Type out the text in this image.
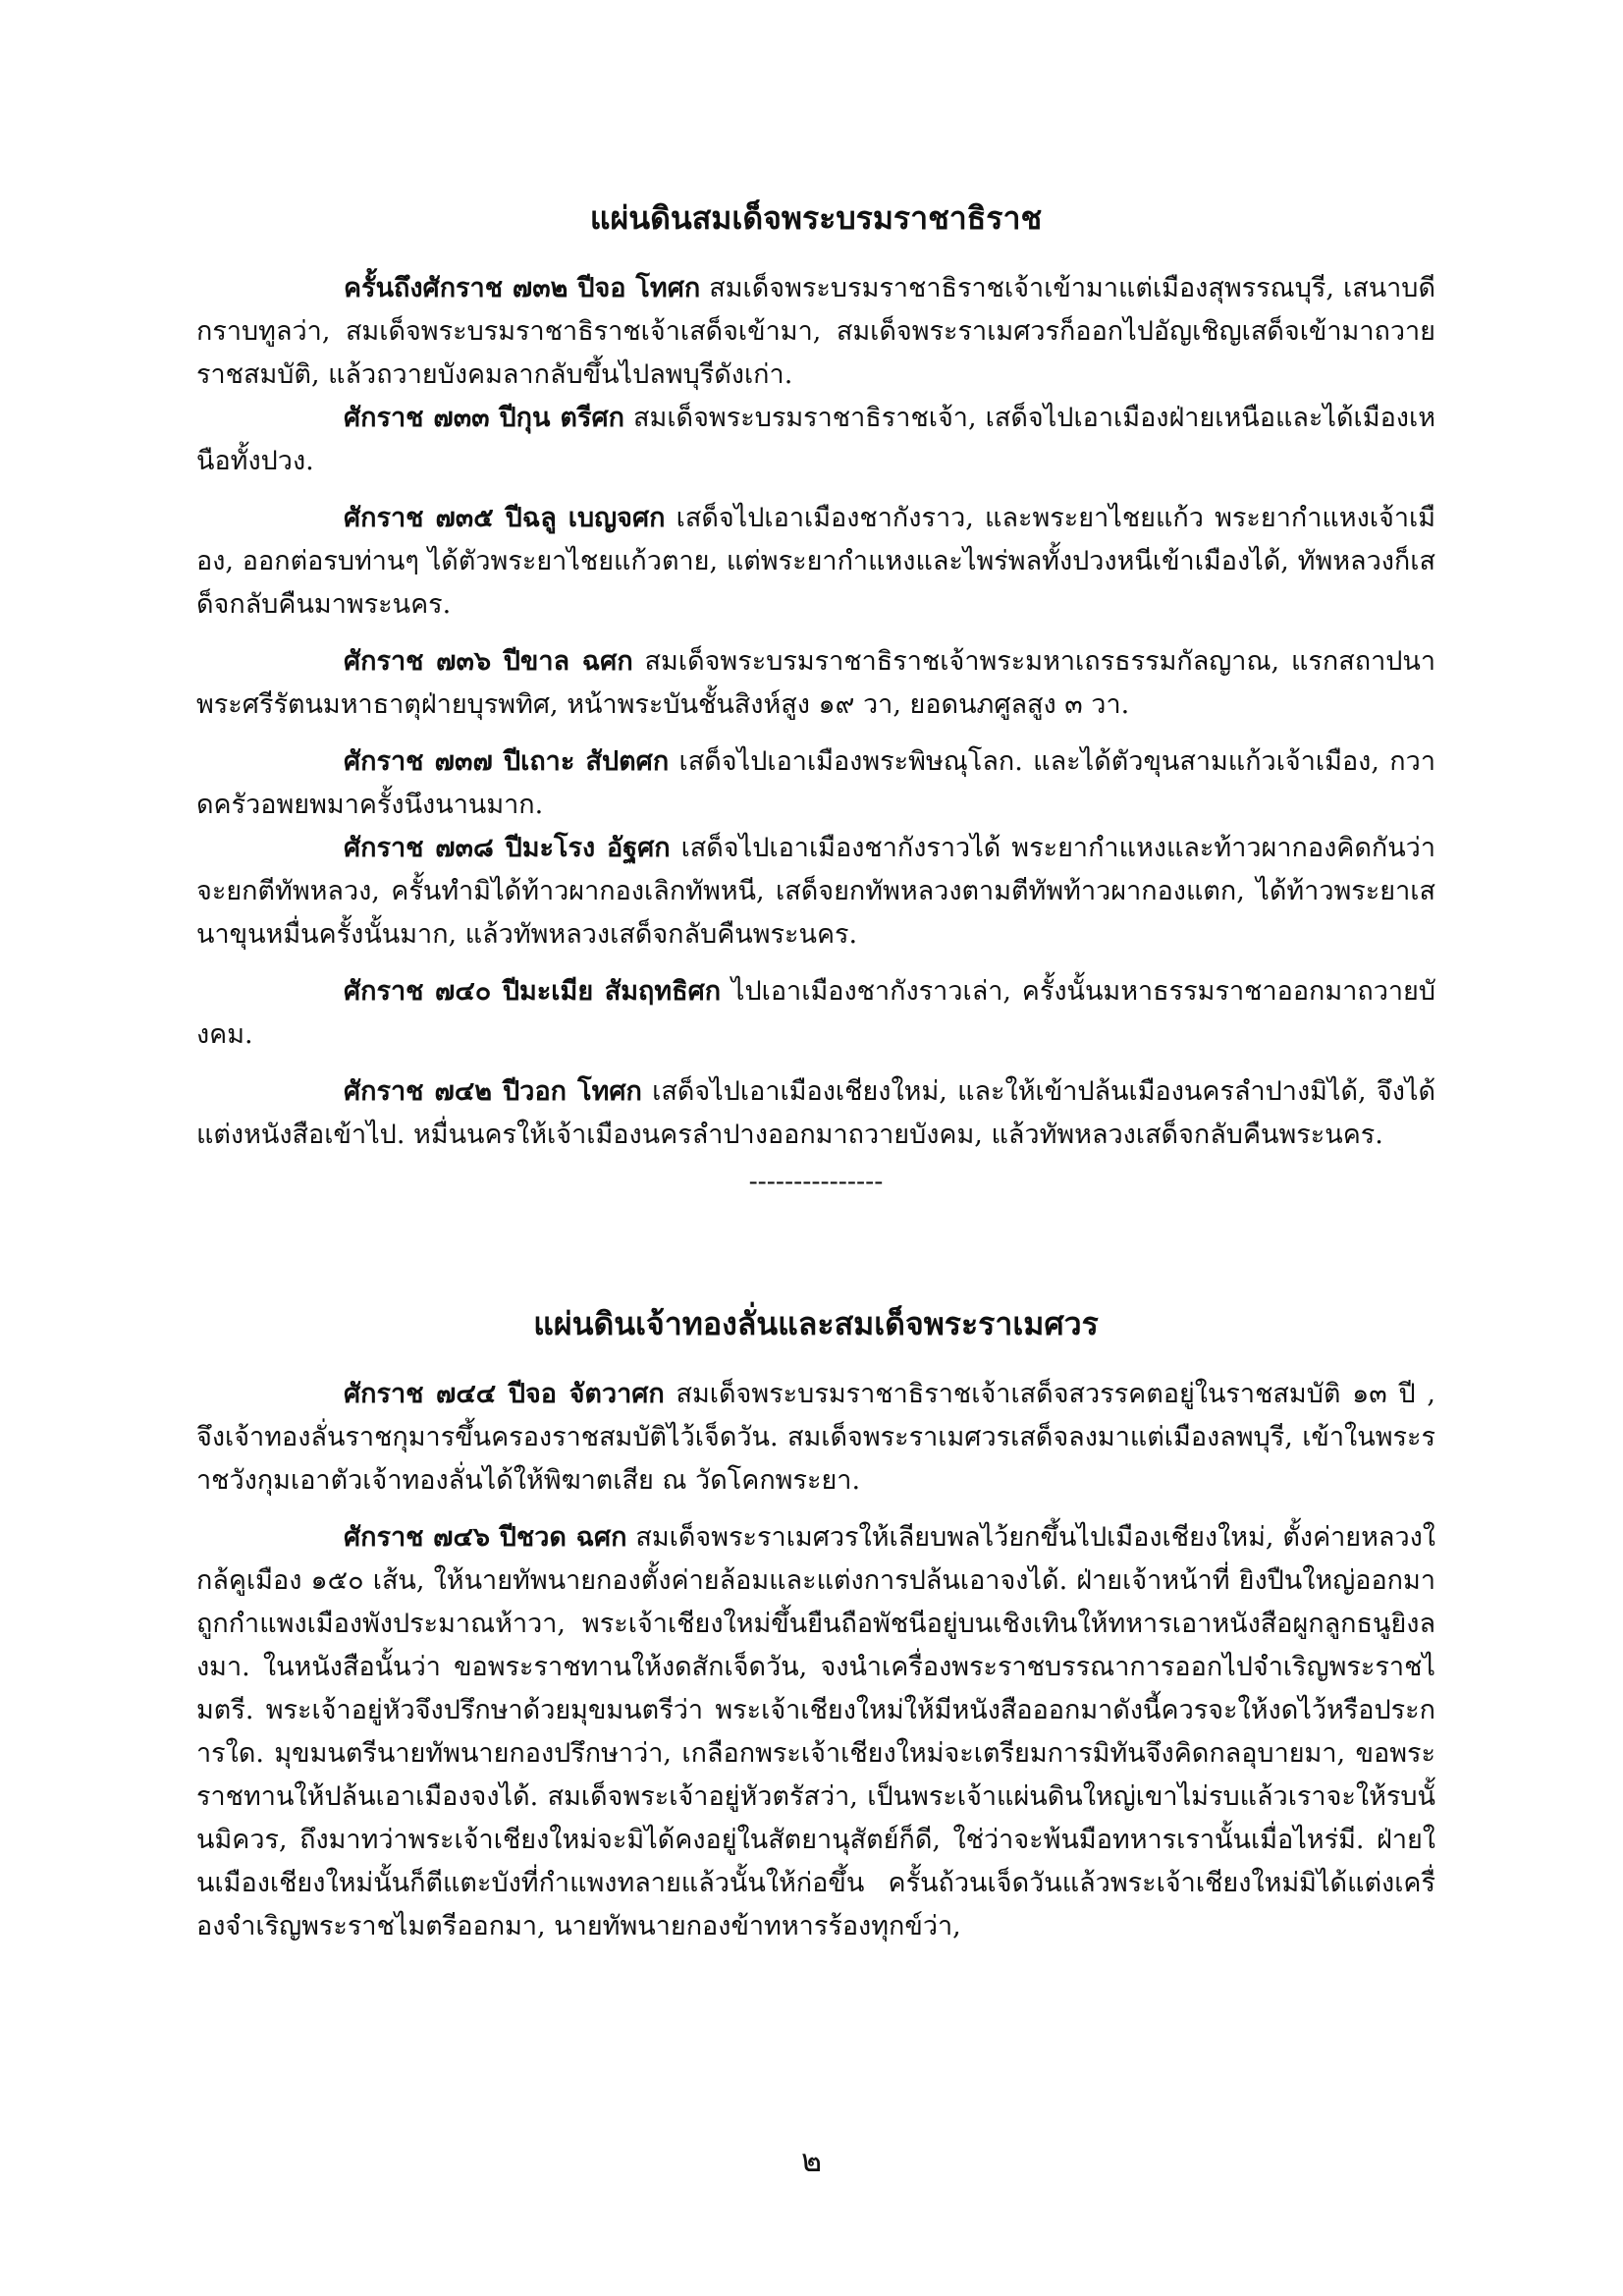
แผ่นดินสมเด็จพระบรมราชาธิราช

ครั้นถึงศักราช ๗๓๒ ปีจอ โทศก สมเด็จพระบรมราชาธิราชเจ้าเข้ามาแต่เมืองสุพรรณบุรี, เสนาบดีกราบทูลว่า, สมเด็จพระบรมราชาธิราชเจ้าเสด็จเข้ามา, สมเด็จพระราเมศวรก็ออกไปอัญเชิญเสด็จเข้ามาถวายราชสมบัติ, แล้วถวายบังคมลากลับขึ้นไปลพบุรีดังเก่า.

ศักราช ๗๓๓ ปีกุน ตรีศก สมเด็จพระบรมราชาธิราชเจ้า, เสด็จไปเอาเมืองฝ่ายเหนือและได้เมืองเหนือทั้งปวง.

ศักราช ๗๓๕ ปีฉลู เบญจศก เสด็จไปเอาเมืองชากังราว, และพระยาไชยแก้ว พระยากำแหงเจ้าเมือง, ออกต่อรบท่านๆ ได้ตัวพระยาไชยแก้วตาย, แต่พระยากำแหงและไพร่พลทั้งปวงหนีเข้าเมืองได้, ทัพหลวงก็เสด็จกลับคืนมาพระนคร.

ศักราช ๗๓๖ ปีขาล ฉศก สมเด็จพระบรมราชาธิราชเจ้าพระมหาเถรธรรมกัลญาณ, แรกสถาปนาพระศรีรัตนมหาธาตุฝ่ายบุรพทิศ, หน้าพระบันชั้นสิงห์สูง ๑๙ วา, ยอดนภศูลสูง ๓ วา.

ศักราช ๗๓๗ ปีเถาะ สัปตศก เสด็จไปเอาเมืองพระพิษณุโลก. และได้ตัวขุนสามแก้วเจ้าเมือง, กวาดครัวอพยพมาครั้งนึงนานมาก.

ศักราช ๗๓๘ ปีมะโรง อัฐศก เสด็จไปเอาเมืองชากังราวได้ พระยากำแหงและท้าวผากองคิดกันว่าจะยกตีทัพหลวง, ครั้นทำมิได้ท้าวผากองเลิกทัพหนี, เสด็จยกทัพหลวงตามตีทัพท้าวผากองแตก, ได้ท้าวพระยาเสนาขุนหมื่นครั้งนั้นมาก, แล้วทัพหลวงเสด็จกลับคืนพระนคร.

ศักราช ๗๔๐ ปีมะเมีย สัมฤทธิศก ไปเอาเมืองชากังราวเล่า, ครั้งนั้นมหาธรรมราชาออกมาถวายบังคม.

ศักราช ๗๔๒ ปีวอก โทศก เสด็จไปเอาเมืองเชียงใหม่, และให้เข้าปล้นเมืองนครลำปางมิได้, จึงได้แต่งหนังสือเข้าไป. หมื่นนครให้เจ้าเมืองนครลำปางออกมาถวายบังคม, แล้วทัพหลวงเสด็จกลับคืนพระนคร.

---------------
แผ่นดินเจ้าทองลั่นและสมเด็จพระราเมศวร

ศักราช ๗๔๔ ปีจอ จัตวาศก สมเด็จพระบรมราชาธิราชเจ้าเสด็จสวรรคตอยู่ในราชสมบัติ ๑๓ ปี , จึงเจ้าทองลั่นราชกุมารขึ้นครองราชสมบัติไว้เจ็ดวัน. สมเด็จพระราเมศวรเสด็จลงมาแต่เมืองลพบุรี, เข้าในพระราชวังกุมเอาตัวเจ้าทองลั่นได้ให้พิฆาตเสีย ณ วัดโคกพระยา.

ศักราช ๗๔๖ ปีชวด ฉศก สมเด็จพระราเมศวรให้เลียบพลไว้ยกขึ้นไปเมืองเชียงใหม่, ตั้งค่ายหลวงใกล้คูเมือง ๑๕๐ เส้น, ให้นายทัพนายกองตั้งค่ายล้อมและแต่งการปล้นเอาจงได้. ฝ่ายเจ้าหน้าที่ ยิงปืนใหญ่ออกมาถูกกำแพงเมืองพังประมาณห้าวา, พระเจ้าเชียงใหม่ขึ้นยืนถือพัชนีอยู่บนเชิงเทินให้ทหารเอาหนังสือผูกลูกธนูยิงลงมา. ในหนังสือนั้นว่า ขอพระราชทานให้งดสักเจ็ดวัน, จงนำเครื่องพระราชบรรณาการออกไปจำเริญพระราชไมตรี. พระเจ้าอยู่หัวจึงปรึกษาด้วยมุขมนตรีว่า พระเจ้าเชียงใหม่ให้มีหนังสือออกมาดังนี้ควรจะให้งดไว้หรือประการใด. มุขมนตรีนายทัพนายกองปรึกษาว่า, เกลือกพระเจ้าเชียงใหม่จะเตรียมการมิทันจึงคิดกลอุบายมา, ขอพระราชทานให้ปล้นเอาเมืองจงได้. สมเด็จพระเจ้าอยู่หัวตรัสว่า, เป็นพระเจ้าแผ่นดินใหญ่เขาไม่รบแล้วเราจะให้รบนั้นมิควร, ถึงมาทว่าพระเจ้าเชียงใหม่จะมิได้คงอยู่ในสัตยานุสัตย์ก็ดี, ใช่ว่าจะพ้นมือทหารเรานั้นเมื่อไหร่มี. ฝ่ายในเมืองเชียงใหม่นั้นก็ตีแตะบังที่กำแพงทลายแล้วนั้นให้ก่อขึ้น ครั้นถ้วนเจ็ดวันแล้วพระเจ้าเชียงใหม่มิได้แต่งเครื่องจำเริญพระราชไมตรีออกมา, นายทัพนายกองข้าทหารร้องทุกข์ว่า,

๒
